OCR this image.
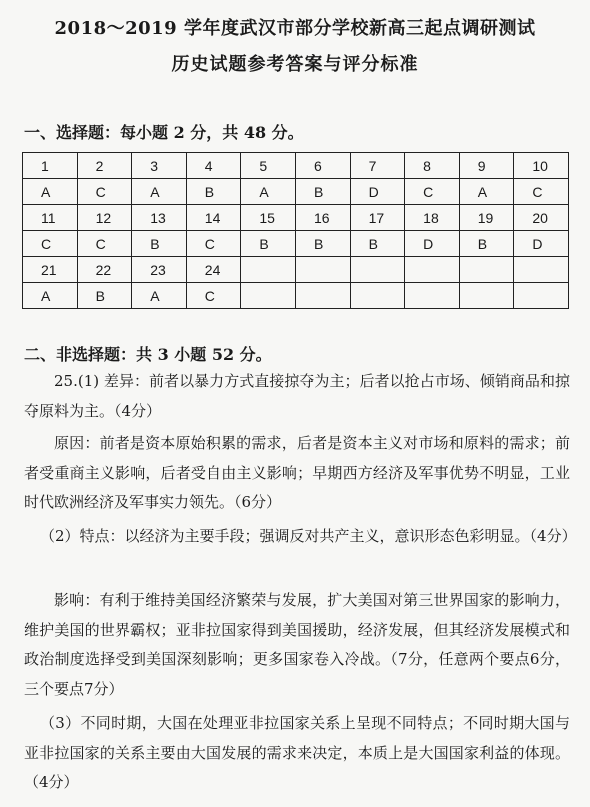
2018～2019 学年度武汉市部分学校新高三起点调研测试
历史试题参考答案与评分标准
一、选择题：每小题 2 分，共 48 分。
1	2	3	4	5	6	7	8	9	10
A	C	A	B	A	B	D	C	A	C
11	12	13	14	15	16	17	18	19	20
C	C	B	C	B	B	B	D	B	D
21	22	23	24						
A	B	A	C						
二、非选择题：共 3 小题 52 分。
25.(1) 差异：前者以暴力方式直接掠夺为主；后者以抢占市场、倾销商品和掠夺原料为主。（4分）
原因：前者是资本原始积累的需求，后者是资本主义对市场和原料的需求；前者受重商主义影响，后者受自由主义影响；早期西方经济及军事优势不明显，工业时代欧洲经济及军事实力领先。（6分）
（2）特点：以经济为主要手段；强调反对共产主义，意识形态色彩明显。（4分）
影响：有利于维持美国经济繁荣与发展，扩大美国对第三世界国家的影响力，维护美国的世界霸权；亚非拉国家得到美国援助，经济发展，但其经济发展模式和政治制度选择受到美国深刻影响；更多国家卷入冷战。（7分，任意两个要点6分，三个要点7分）
（3）不同时期，大国在处理亚非拉国家关系上呈现不同特点；不同时期大国与亚非拉国家的关系主要由大国发展的需求来决定，本质上是大国国家利益的体现。（4分）
